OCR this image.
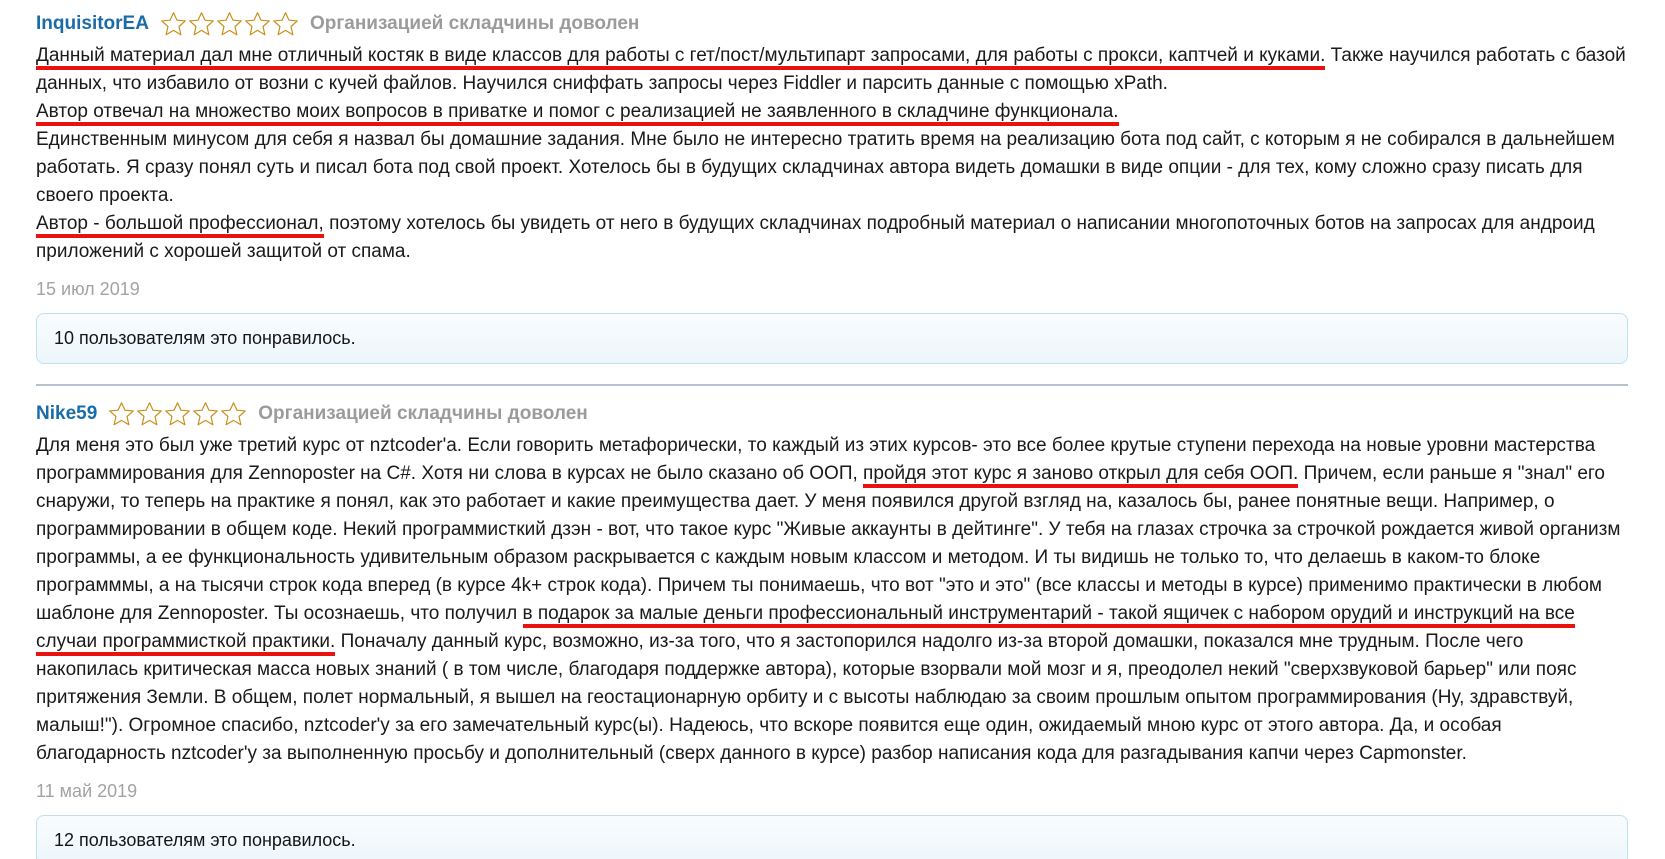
InquisitorEA	Организацией складчины доволен
Данный материал дал мне отличный костяк в виде классов для работы с гет/пост/мультипарт запросами, для работы с прокси, каптчей и куками. Также научился работать с базой данных, что избавило от возни с кучей файлов. Научился сниффать запросы через Fiddler и парсить данные с помощью xPath.
Автор отвечал на множество моих вопросов в приватке и помог с реализацией не заявленного в складчине функционала.
Единственным минусом для себя я назвал бы домашние задания. Мне было не интересно тратить время на реализацию бота под сайт, с которым я не собирался в дальнейшем работать. Я сразу понял суть и писал бота под свой проект. Хотелось бы в будущих складчинах автора видеть домашки в виде опции - для тех, кому сложно сразу писать для своего проекта.
Автор - большой профессионал, поэтому хотелось бы увидеть от него в будущих складчинах подробный материал о написании многопоточных ботов на запросах для андроид приложений с хорошей защитой от спама.
15 июл 2019
10 пользователям это понравилось.
Nike59	Организацией складчины доволен
Для меня это был уже третий курс от nztcoder'a. Если говорить метафорически, то каждый из этих курсов- это все более крутые ступени перехода на новые уровни мастерства программирования для Zennoposter на C#. Хотя ни слова в курсах не было сказано об ООП, пройдя этот курс я заново открыл для себя ООП. Причем, если раньше я "знал" его снаружи, то теперь на практике я понял, как это работает и какие преимущества дает. У меня появился другой взгляд на, казалось бы, ранее понятные вещи. Например, о программировании в общем коде. Некий программисткий дзэн - вот, что такое курс "Живые аккаунты в дейтинге". У тебя на глазах строчка за строчкой рождается живой организм программы, а ее функциональность удивительным образом раскрывается с каждым новым классом и методом. И ты видишь не только то, что делаешь в каком-то блоке программмы, а на тысячи строк кода вперед (в курсе 4k+ строк кода). Причем ты понимаешь, что вот "это и это" (все классы и методы в курсе) применимо практически в любом шаблоне для Zennoposter. Ты осознаешь, что получил в подарок за малые деньги профессиональный инструментарий - такой ящичек с набором орудий и инструкций на все случаи программисткой практики. Поначалу данный курс, возможно, из-за того, что я застопорился надолго из-за второй домашки, показался мне трудным. После чего накопилась критическая масса новых знаний ( в том числе, благодаря поддержке автора), которые взорвали мой мозг и я, преодолел некий "сверхзвуковой барьер" или пояс притяжения Земли. В общем, полет нормальный, я вышел на геостационарную орбиту и с высоты наблюдаю за своим прошлым опытом программирования (Ну, здравствуй, малыш!"). Огромное спасибо, nztcoder'у за его замечательный курс(ы). Надеюсь, что вскоре появится еще один, ожидаемый мною курс от этого автора. Да, и особая благодарность nztcoder'у за выполненную просьбу и дополнительный (сверх данного в курсе) разбор написания кода для разгадывания капчи через Capmonster.
11 май 2019
12 пользователям это понравилось.
